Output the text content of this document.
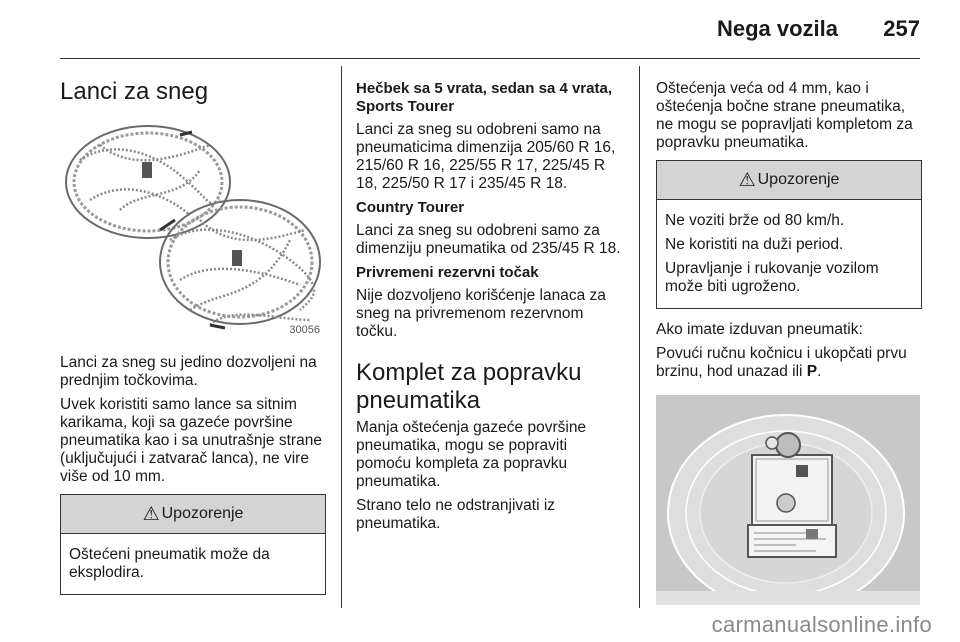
Nega vozila 257
Lanci za sneg
30056

Lanci za sneg su jedino dozvoljeni na prednjim točkovima.

Uvek koristiti samo lance sa sitnim karikama, koji sa gazeće površine pneumatika kao i sa unutrašnje strane (uključujući i zatvarač lanca), ne vire više od 10 mm.

⚠ Upozorenje

Oštećeni pneumatik može da eksplodira.

Hečbek sa 5 vrata, sedan sa 4 vrata, Sports Tourer

Lanci za sneg su odobreni samo na pneumaticima dimenzija 205/60 R 16, 215/60 R 16, 225/55 R 17, 225/45 R 18, 225/50 R 17 i 235/45 R 18.

Country Tourer

Lanci za sneg su odobreni samo za dimenziju pneumatika od 235/45 R 18.

Privremeni rezervni točak

Nije dozvoljeno korišćenje lanaca za sneg na privremenom rezervnom točku.

Komplet za popravku pneumatika

Manja oštećenja gazeće površine pneumatika, mogu se popraviti pomoću kompleta za popravku pneumatika.

Strano telo ne odstranjivati iz pneumatika.

Oštećenja veća od 4 mm, kao i oštećenja bočne strane pneumatika, ne mogu se popravljati kompletom za popravku pneumatika.

⚠ Upozorenje

Ne voziti brže od 80 km/h.

Ne koristiti na duži period.

Upravljanje i rukovanje vozilom može biti ugroženo.

Ako imate izduvan pneumatik:

Povući ručnu kočnicu i ukopčati prvu brzinu, hod unazad ili P.

carmanualsonline.info
